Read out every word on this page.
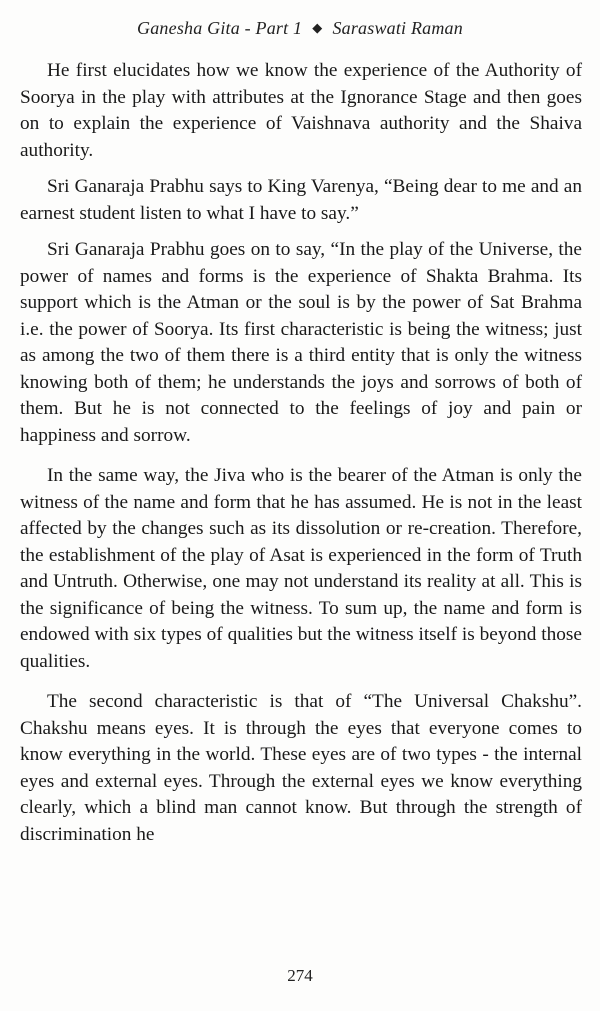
Ganesha Gita - Part 1 ◆ Saraswati Raman

He first elucidates how we know the experience of the Authority of Soorya in the play with attributes at the Ignorance Stage and then goes on to explain the experience of Vaishnava authority and the Shaiva authority.

Sri Ganaraja Prabhu says to King Varenya, “Being dear to me and an earnest student listen to what I have to say.”

Sri Ganaraja Prabhu goes on to say, “In the play of the Universe, the power of names and forms is the experience of Shakta Brahma. Its support which is the Atman or the soul is by the power of Sat Brahma i.e. the power of Soorya. Its first characteristic is being the witness; just as among the two of them there is a third entity that is only the witness knowing both of them; he understands the joys and sorrows of both of them. But he is not connected to the feelings of joy and pain or happiness and sorrow.

In the same way, the Jiva who is the bearer of the Atman is only the witness of the name and form that he has assumed. He is not in the least affected by the changes such as its dissolution or re-creation. Therefore, the establishment of the play of Asat is experienced in the form of Truth and Untruth. Otherwise, one may not understand its reality at all. This is the significance of being the witness. To sum up, the name and form is endowed with six types of qualities but the witness itself is beyond those qualities.

The second characteristic is that of “The Universal Chakshu”. Chakshu means eyes. It is through the eyes that everyone comes to know everything in the world. These eyes are of two types - the internal eyes and external eyes. Through the external eyes we know everything clearly, which a blind man cannot know. But through the strength of discrimination he

274
